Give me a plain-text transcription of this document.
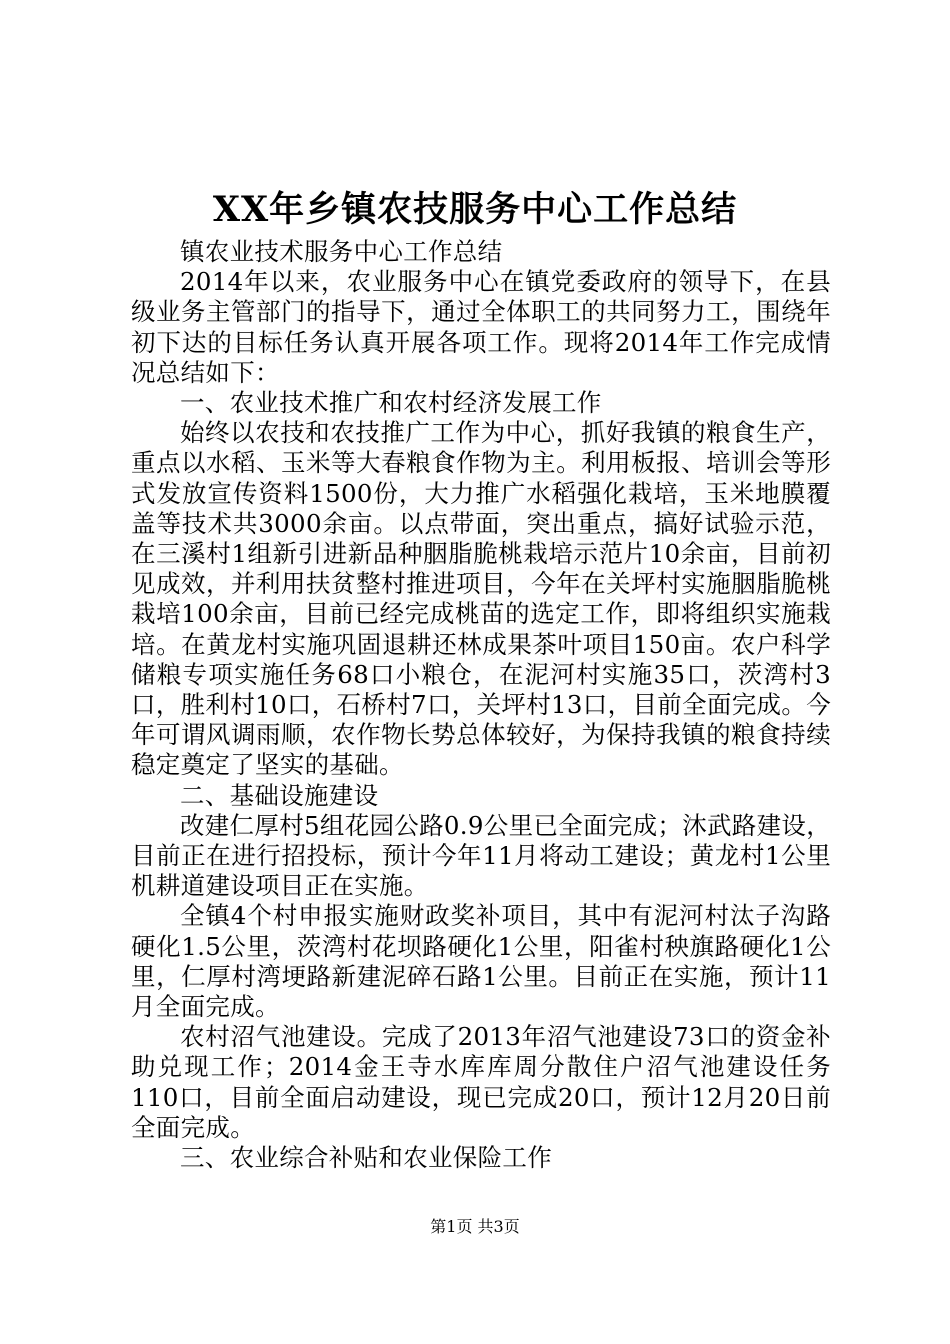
XX年乡镇农技服务中心工作总结

镇农业技术服务中心工作总结

2014年以来，农业服务中心在镇党委政府的领导下，在县级业务主管部门的指导下，通过全体职工的共同努力工，围绕年初下达的目标任务认真开展各项工作。现将2014年工作完成情况总结如下：

一、农业技术推广和农村经济发展工作

始终以农技和农技推广工作为中心，抓好我镇的粮食生产，重点以水稻、玉米等大春粮食作物为主。利用板报、培训会等形式发放宣传资料1500份，大力推广水稻强化栽培，玉米地膜覆盖等技术共3000余亩。以点带面，突出重点，搞好试验示范，在三溪村1组新引进新品种胭脂脆桃栽培示范片10余亩，目前初见成效，并利用扶贫整村推进项目，今年在关坪村实施胭脂脆桃栽培100余亩，目前已经完成桃苗的选定工作，即将组织实施栽培。在黄龙村实施巩固退耕还林成果茶叶项目150亩。农户科学储粮专项实施任务68口小粮仓，在泥河村实施35口，茨湾村3口，胜利村10口，石桥村7口，关坪村13口，目前全面完成。今年可谓风调雨顺，农作物长势总体较好，为保持我镇的粮食持续稳定奠定了坚实的基础。

二、基础设施建设

改建仁厚村5组花园公路0.9公里已全面完成；沐武路建设，目前正在进行招投标，预计今年11月将动工建设；黄龙村1公里机耕道建设项目正在实施。

全镇4个村申报实施财政奖补项目，其中有泥河村汰子沟路硬化1.5公里，茨湾村花坝路硬化1公里，阳雀村秧旗路硬化1公里，仁厚村湾埂路新建泥碎石路1公里。目前正在实施，预计11月全面完成。

农村沼气池建设。完成了2013年沼气池建设73口的资金补助兑现工作；2014金王寺水库库周分散住户沼气池建设任务110口，目前全面启动建设，现已完成20口，预计12月20日前全面完成。

三、农业综合补贴和农业保险工作

第1页 共3页
